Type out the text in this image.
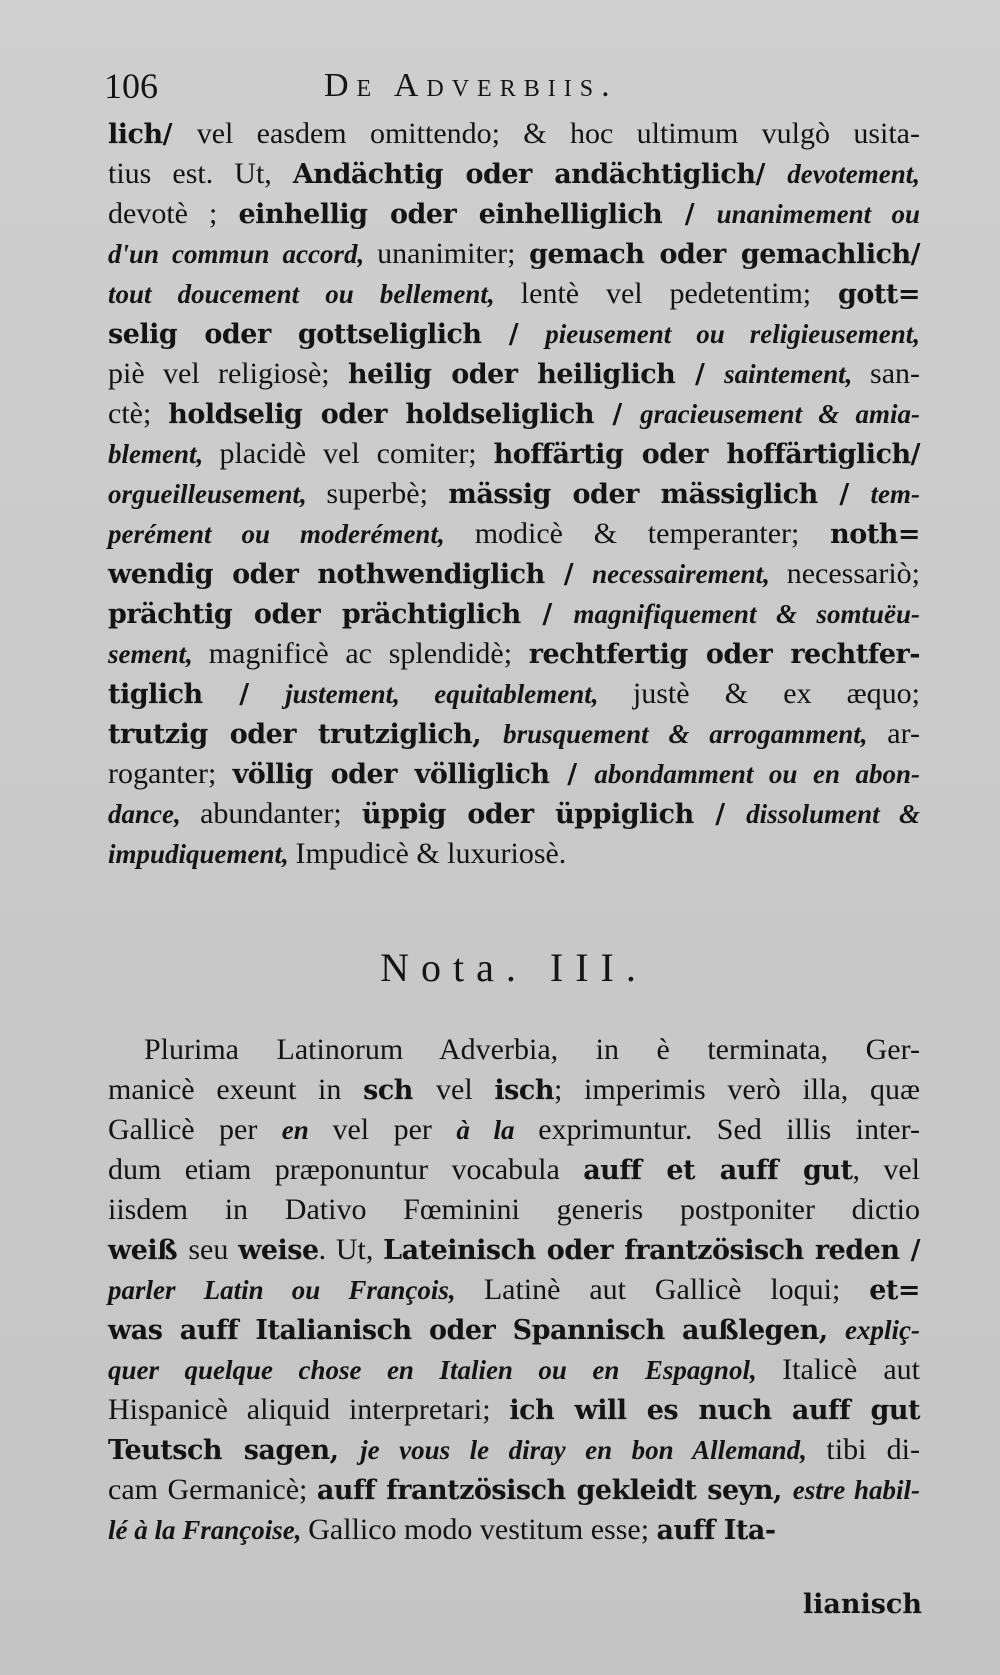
106	De Adverbiis.
lich/ vel easdem omittendo; & hoc ultimum vulgò usita-
tius est. Ut, Andächtig oder andächtiglich/ devotement,
devotè ; einhellig oder einhelliglich / unanimement ou
d'un commun accord, unanimiter; gemach oder gemachlich/
tout doucement ou bellement, lentè vel pedetentim; gott=
selig oder gottseliglich / pieusement ou religieusement,
piè vel religiosè; heilig oder heiliglich / saintement, san-
ctè; holdselig oder holdseliglich / gracieusement & amia-
blement, placidè vel comiter; hoffärtig oder hoffärtiglich/
orgueilleusement, superbè; mässig oder mässiglich / tem-
perément ou moderément, modicè & temperanter; noth=
wendig oder nothwendiglich / necessairement, necessariò;
prächtig oder prächtiglich / magnifiquement & somtuëu-
sement, magnificè ac splendidè; rechtfertig oder rechtfer-
tiglich / justement, equitablement, justè & ex æquo;
trutzig oder trutziglich, brusquement & arrogamment, ar-
roganter; völlig oder völliglich / abondamment ou en abon-
dance, abundanter; üppig oder üppiglich / dissolument &
impudiquement, Impudicè & luxuriosè.
Nota. III.
Plurima Latinorum Adverbia, in è terminata, Ger-
manicè exeunt in sch vel isch; imperimis verò illa, quæ
Gallicè per en vel per à la exprimuntur. Sed illis inter-
dum etiam præponuntur vocabula auff et auff gut, vel
iisdem in Dativo Fœminini generis postponiter dictio
weiß seu weise. Ut, Lateinisch oder frantzösisch reden /
parler Latin ou François, Latinè aut Gallicè loqui; et=
was auff Italianisch oder Spannisch außlegen, expliç-
quer quelque chose en Italien ou en Espagnol, Italicè aut
Hispanicè aliquid interpretari; ich will es nuch auff gut
Teutsch sagen, je vous le diray en bon Allemand, tibi di-
cam Germanicè; auff frantzösisch gekleidt seyn, estre habil-
lé à la Françoise, Gallico modo vestitum esse; auff Ita-
lianisch
